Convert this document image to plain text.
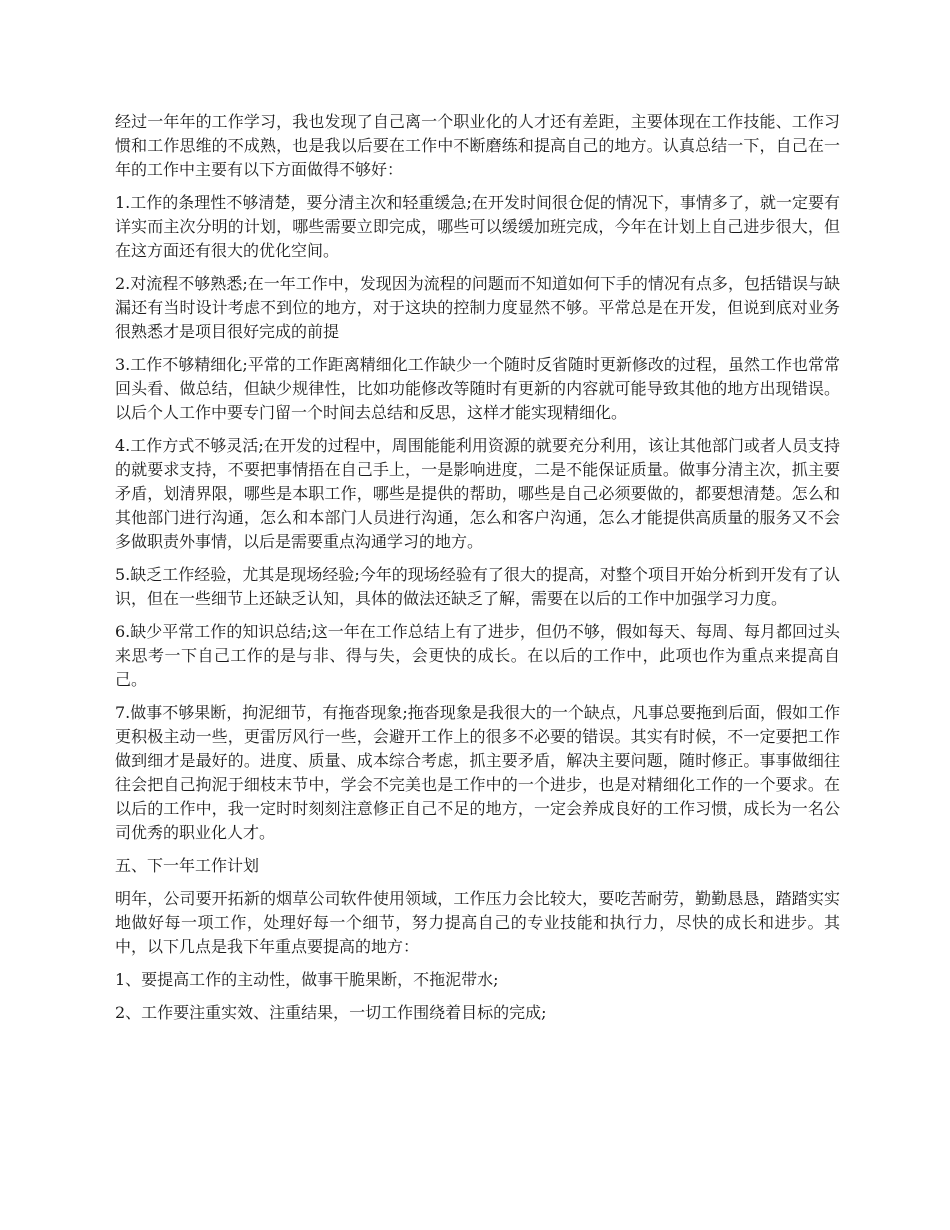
经过一年年的工作学习，我也发现了自己离一个职业化的人才还有差距，主要体现在工作技能、工作习惯和工作思维的不成熟，也是我以后要在工作中不断磨练和提高自己的地方。认真总结一下，自己在一年的工作中主要有以下方面做得不够好：

1.工作的条理性不够清楚，要分清主次和轻重缓急;在开发时间很仓促的情况下，事情多了，就一定要有详实而主次分明的计划，哪些需要立即完成，哪些可以缓缓加班完成，今年在计划上自己进步很大，但在这方面还有很大的优化空间。

2.对流程不够熟悉;在一年工作中，发现因为流程的问题而不知道如何下手的情况有点多，包括错误与缺漏还有当时设计考虑不到位的地方，对于这块的控制力度显然不够。平常总是在开发，但说到底对业务很熟悉才是项目很好完成的前提

3.工作不够精细化;平常的工作距离精细化工作缺少一个随时反省随时更新修改的过程，虽然工作也常常回头看、做总结，但缺少规律性，比如功能修改等随时有更新的内容就可能导致其他的地方出现错误。以后个人工作中要专门留一个时间去总结和反思，这样才能实现精细化。

4.工作方式不够灵活;在开发的过程中，周围能能利用资源的就要充分利用，该让其他部门或者人员支持的就要求支持，不要把事情捂在自己手上，一是影响进度，二是不能保证质量。做事分清主次，抓主要矛盾，划清界限，哪些是本职工作，哪些是提供的帮助，哪些是自己必须要做的，都要想清楚。怎么和其他部门进行沟通，怎么和本部门人员进行沟通，怎么和客户沟通，怎么才能提供高质量的服务又不会多做职责外事情，以后是需要重点沟通学习的地方。

5.缺乏工作经验，尤其是现场经验;今年的现场经验有了很大的提高，对整个项目开始分析到开发有了认识，但在一些细节上还缺乏认知，具体的做法还缺乏了解，需要在以后的工作中加强学习力度。

6.缺少平常工作的知识总结;这一年在工作总结上有了进步，但仍不够，假如每天、每周、每月都回过头来思考一下自己工作的是与非、得与失，会更快的成长。在以后的工作中，此项也作为重点来提高自己。

7.做事不够果断，拘泥细节，有拖沓现象;拖沓现象是我很大的一个缺点，凡事总要拖到后面，假如工作更积极主动一些，更雷厉风行一些，会避开工作上的很多不必要的错误。其实有时候，不一定要把工作做到细才是最好的。进度、质量、成本综合考虑，抓主要矛盾，解决主要问题，随时修正。事事做细往往会把自己拘泥于细枝末节中，学会不完美也是工作中的一个进步，也是对精细化工作的一个要求。在以后的工作中，我一定时时刻刻注意修正自己不足的地方，一定会养成良好的工作习惯，成长为一名公司优秀的职业化人才。

五、下一年工作计划

明年，公司要开拓新的烟草公司软件使用领域，工作压力会比较大，要吃苦耐劳，勤勤恳恳，踏踏实实地做好每一项工作，处理好每一个细节，努力提高自己的专业技能和执行力，尽快的成长和进步。其中，以下几点是我下年重点要提高的地方：

1、要提高工作的主动性，做事干脆果断，不拖泥带水;

2、工作要注重实效、注重结果，一切工作围绕着目标的完成;
